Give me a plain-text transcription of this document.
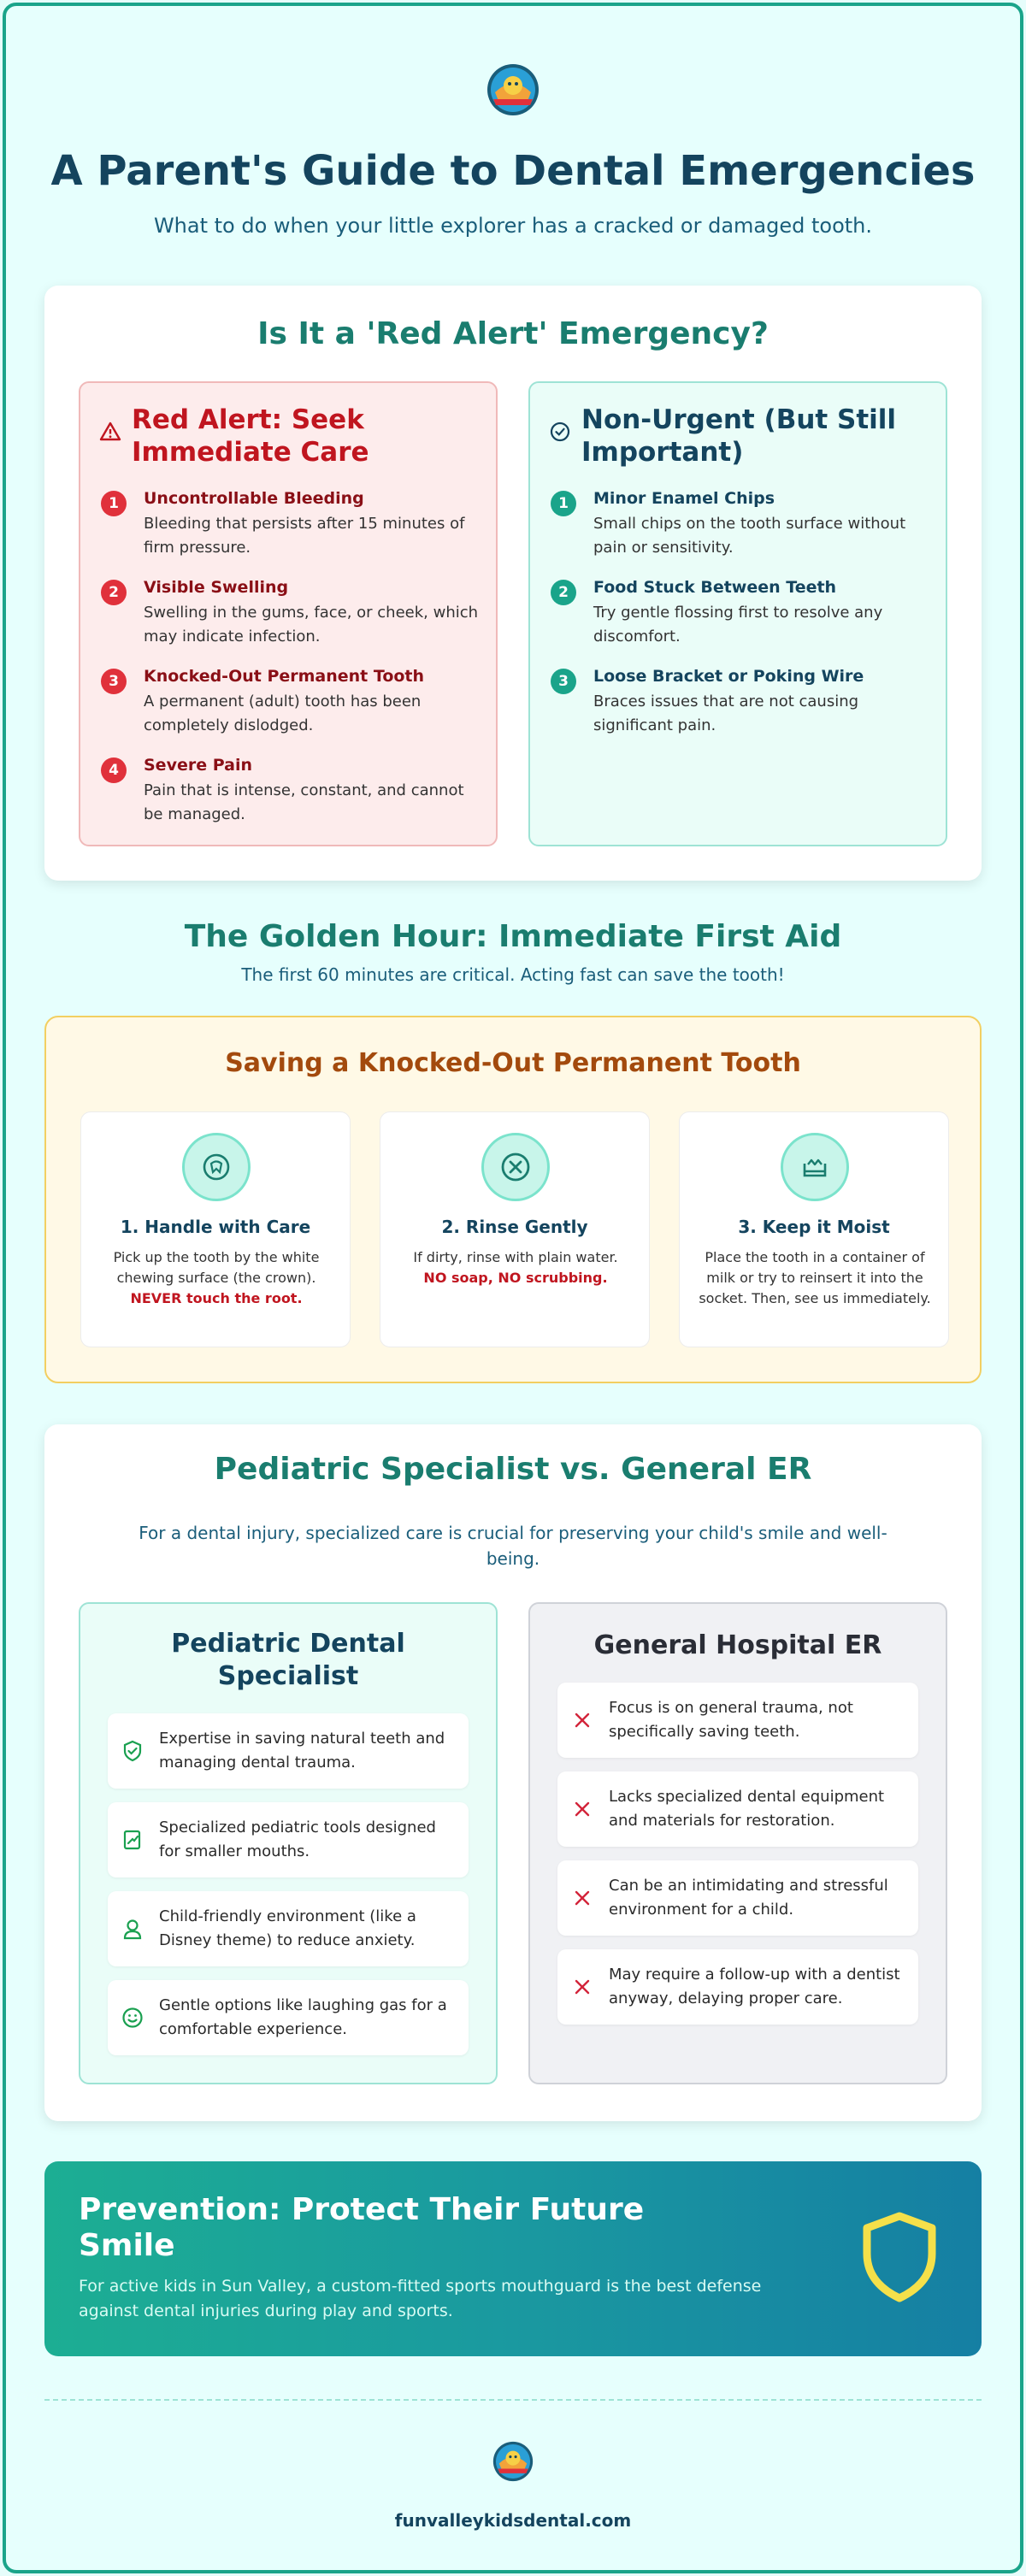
A Parent's Guide to Dental Emergencies
What to do when your little explorer has a cracked or damaged tooth.
Is It a 'Red Alert' Emergency?
Red Alert: Seek Immediate Care
1	Uncontrollable Bleeding
Bleeding that persists after 15 minutes of firm pressure.
2	Visible Swelling
Swelling in the gums, face, or cheek, which may indicate infection.
3	Knocked-Out Permanent Tooth
A permanent (adult) tooth has been completely dislodged.
4	Severe Pain
Pain that is intense, constant, and cannot be managed.
Non-Urgent (But Still Important)
1	Minor Enamel Chips
Small chips on the tooth surface without pain or sensitivity.
2	Food Stuck Between Teeth
Try gentle flossing first to resolve any discomfort.
3	Loose Bracket or Poking Wire
Braces issues that are not causing significant pain.
The Golden Hour: Immediate First Aid
The first 60 minutes are critical. Acting fast can save the tooth!
Saving a Knocked-Out Permanent Tooth
1. Handle with Care
Pick up the tooth by the white chewing surface (the crown). NEVER touch the root.
2. Rinse Gently
If dirty, rinse with plain water.
NO soap, NO scrubbing.
3. Keep it Moist
Place the tooth in a container of milk or try to reinsert it into the socket. Then, see us immediately.
Pediatric Specialist vs. General ER
For a dental injury, specialized care is crucial for preserving your child's smile and well-being.
Pediatric Dental Specialist
Expertise in saving natural teeth and managing dental trauma.
Specialized pediatric tools designed for smaller mouths.
Child-friendly environment (like a Disney theme) to reduce anxiety.
Gentle options like laughing gas for a comfortable experience.
General Hospital ER
Focus is on general trauma, not specifically saving teeth.
Lacks specialized dental equipment and materials for restoration.
Can be an intimidating and stressful environment for a child.
May require a follow-up with a dentist anyway, delaying proper care.
Prevention: Protect Their Future Smile
For active kids in Sun Valley, a custom-fitted sports mouthguard is the best defense against dental injuries during play and sports.
funvalleykidsdental.com
